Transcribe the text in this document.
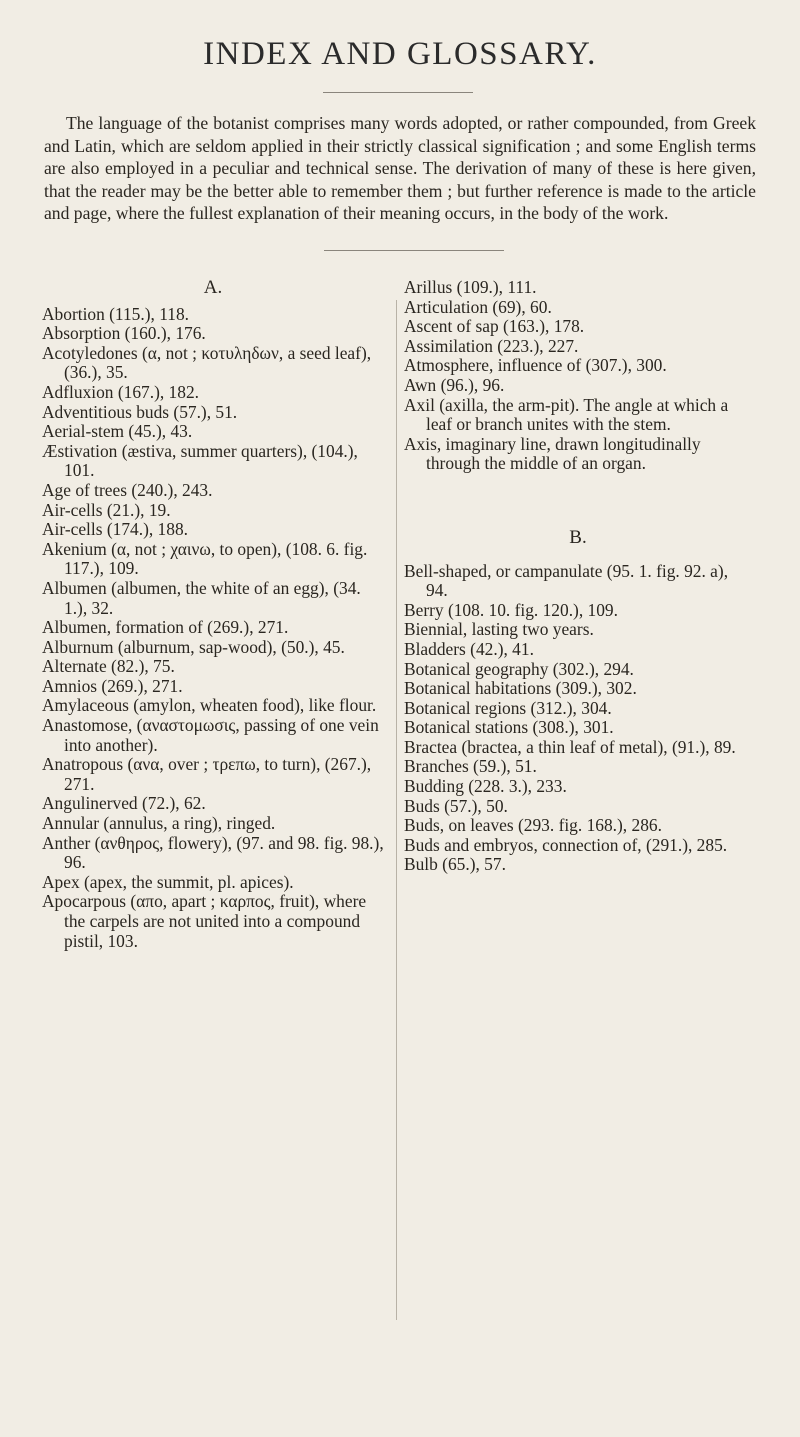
INDEX AND GLOSSARY.

The language of the botanist comprises many words adopted, or rather compounded, from Greek and Latin, which are seldom applied in their strictly classical signification ; and some English terms are also employed in a peculiar and technical sense. The derivation of many of these is here given, that the reader may be the better able to remember them ; but further reference is made to the article and page, where the fullest explanation of their meaning occurs, in the body of the work.

A.

Abortion (115.), 118.

Absorption (160.), 176.

Acotyledones (α, not ; κοτυληδων, a seed leaf), (36.), 35.

Adfluxion (167.), 182.

Adventitious buds (57.), 51.

Aerial-stem (45.), 43.

Æstivation (æstiva, summer quarters), (104.), 101.

Age of trees (240.), 243.

Air-cells (21.), 19.

Air-cells (174.), 188.

Akenium (α, not ; χαινω, to open), (108. 6. fig. 117.), 109.

Albumen (albumen, the white of an egg), (34. 1.), 32.

Albumen, formation of (269.), 271.

Alburnum (alburnum, sap-wood), (50.), 45.

Alternate (82.), 75.

Amnios (269.), 271.

Amylaceous (amylon, wheaten food), like flour.

Anastomose, (αναστομωσις, passing of one vein into another).

Anatropous (ανα, over ; τρεπω, to turn), (267.), 271.

Angulinerved (72.), 62.

Annular (annulus, a ring), ringed.

Anther (ανθηρος, flowery), (97. and 98. fig. 98.), 96.

Apex (apex, the summit, pl. apices).

Apocarpous (απο, apart ; καρπος, fruit), where the carpels are not united into a compound pistil, 103.

Arillus (109.), 111.

Articulation (69), 60.

Ascent of sap (163.), 178.

Assimilation (223.), 227.

Atmosphere, influence of (307.), 300.

Awn (96.), 96.

Axil (axilla, the arm-pit). The angle at which a leaf or branch unites with the stem.

Axis, imaginary line, drawn longitudinally through the middle of an organ.

B.

Bell-shaped, or campanulate (95. 1. fig. 92. a), 94.

Berry (108. 10. fig. 120.), 109.

Biennial, lasting two years.

Bladders (42.), 41.

Botanical geography (302.), 294.

Botanical habitations (309.), 302.

Botanical regions (312.), 304.

Botanical stations (308.), 301.

Bractea (bractea, a thin leaf of metal), (91.), 89.

Branches (59.), 51.

Budding (228. 3.), 233.

Buds (57.), 50.

Buds, on leaves (293. fig. 168.), 286.

Buds and embryos, connection of, (291.), 285.

Bulb (65.), 57.
